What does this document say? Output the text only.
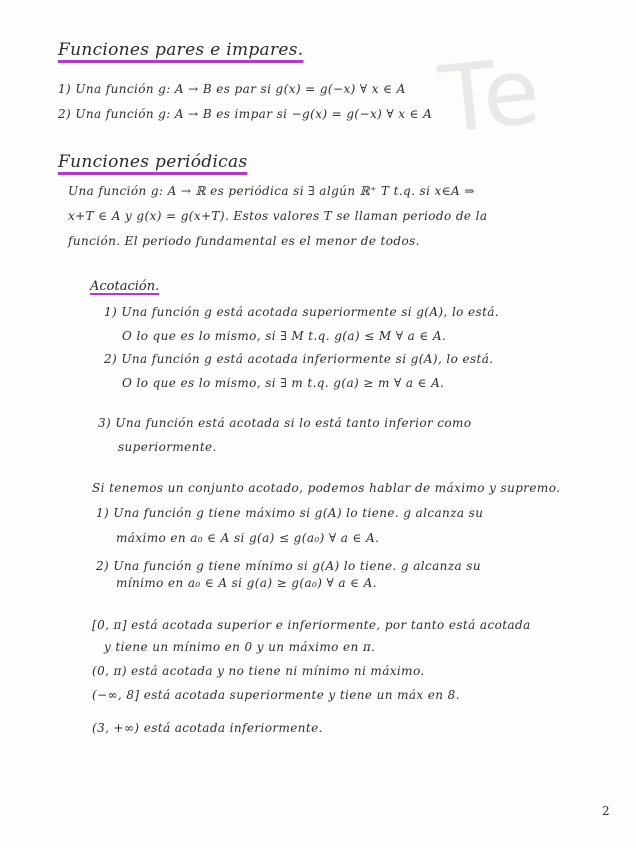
Te
Funciones pares e impares.
1) Una función g: A → B es par si g(x) = g(−x) ∀ x ∈ A
2) Una función g: A → B es impar si −g(x) = g(−x) ∀ x ∈ A
Funciones periódicas
Una función g: A → ℝ es periódica si ∃ algún ℝ⁺ T t.q. si x∈A ⇒
x+T ∈ A y g(x) = g(x+T). Estos valores T se llaman periodo de la
función. El periodo fundamental es el menor de todos.
Acotación.
1) Una función g está acotada superiormente si g(A), lo está.
O lo que es lo mismo, si ∃ M t.q. g(a) ≤ M ∀ a ∈ A.
2) Una función g está acotada inferiormente si g(A), lo está.
O lo que es lo mismo, si ∃ m t.q. g(a) ≥ m ∀ a ∈ A.
3) Una función está acotada si lo está tanto inferior como
superiormente.
Si tenemos un conjunto acotado, podemos hablar de máximo y supremo.
1) Una función g tiene máximo si g(A) lo tiene. g alcanza su
máximo en a₀ ∈ A si g(a) ≤ g(a₀) ∀ a ∈ A.
2) Una función g tiene mínimo si g(A) lo tiene. g alcanza su
mínimo en a₀ ∈ A si g(a) ≥ g(a₀) ∀ a ∈ A.
[0, π] está acotada superior e inferiormente, por tanto está acotada
y tiene un mínimo en 0 y un máximo en π.
(0, π) está acotada y no tiene ni mínimo ni máximo.
(−∞, 8] está acotada superiormente y tiene un máx en 8.
(3, +∞) está acotada inferiormente.
2
